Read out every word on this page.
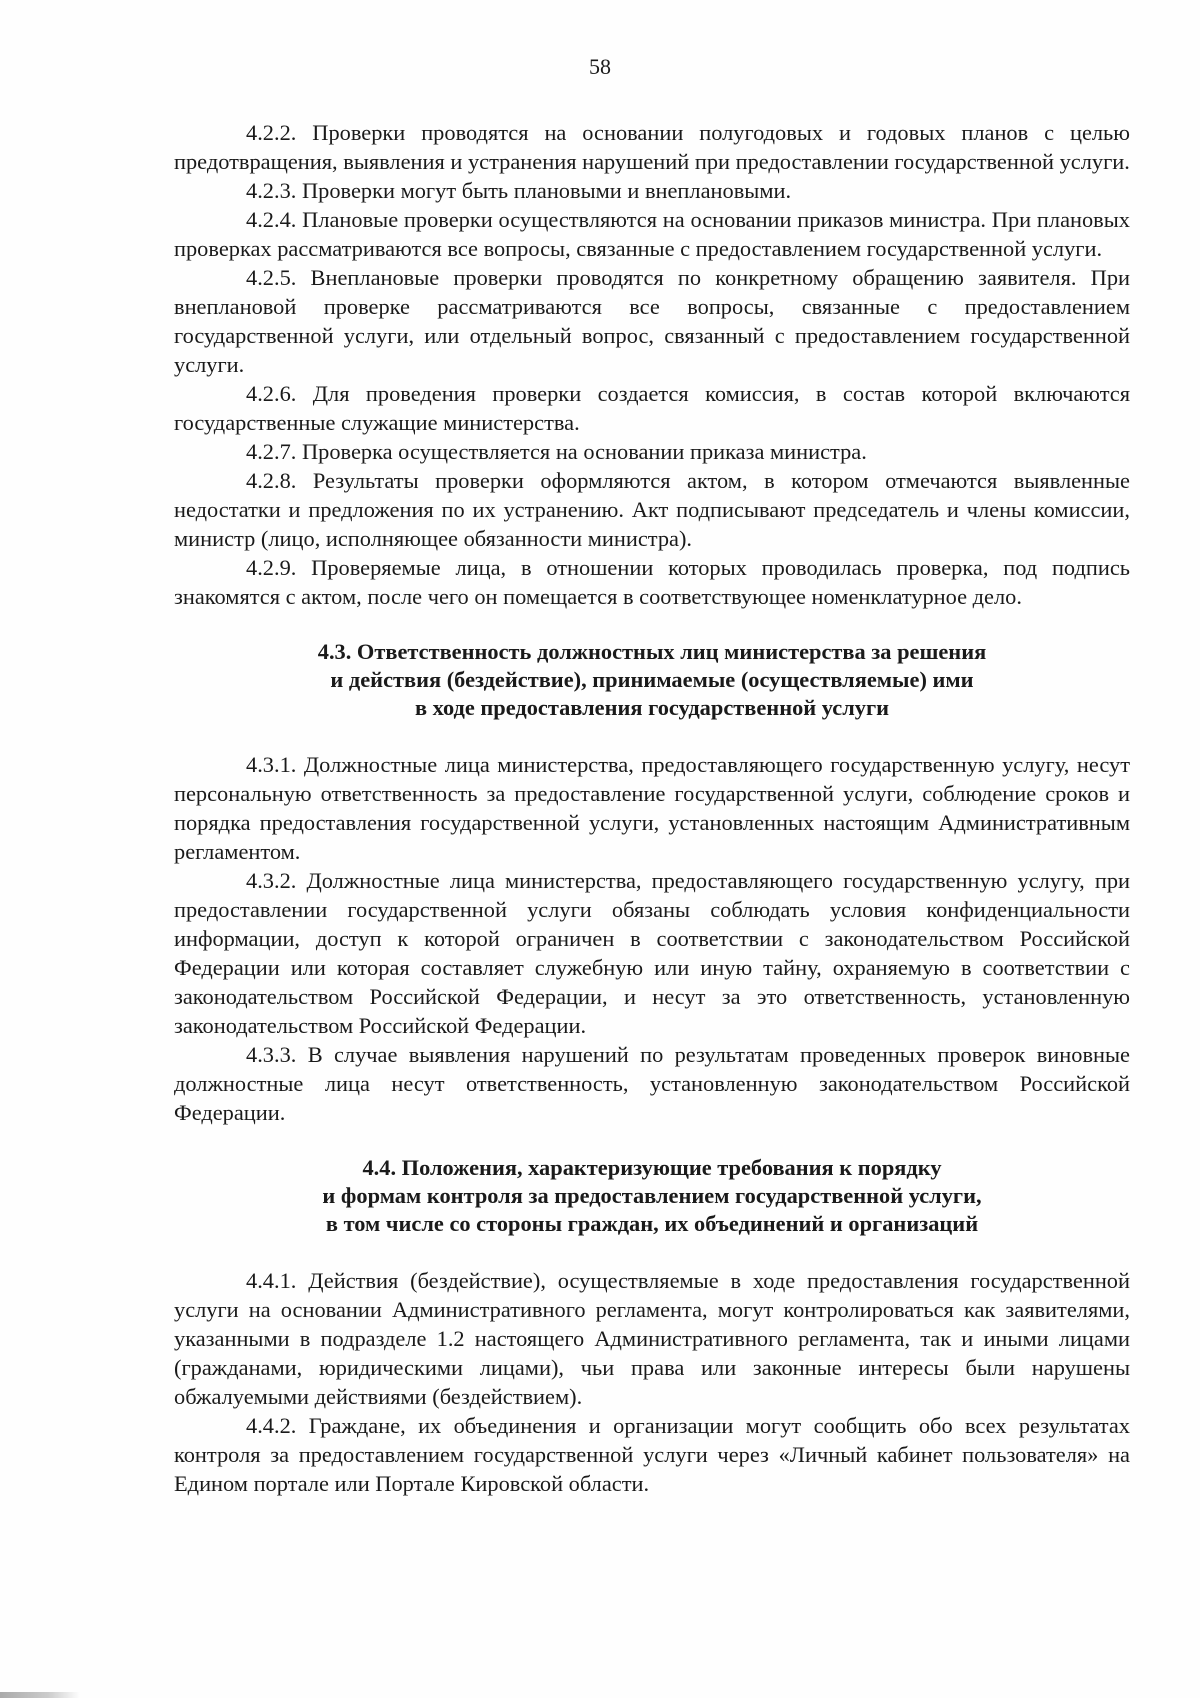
58

4.2.2. Проверки проводятся на основании полугодовых и годовых планов с целью предотвращения, выявления и устранения нарушений при предоставлении государственной услуги.

4.2.3. Проверки могут быть плановыми и внеплановыми.

4.2.4. Плановые проверки осуществляются на основании приказов министра. При плановых проверках рассматриваются все вопросы, связанные с предоставлением государственной услуги.

4.2.5. Внеплановые проверки проводятся по конкретному обращению заявителя. При внеплановой проверке рассматриваются все вопросы, связанные с предоставлением государственной услуги, или отдельный вопрос, связанный с предоставлением государственной услуги.

4.2.6. Для проведения проверки создается комиссия, в состав которой включаются государственные служащие министерства.

4.2.7. Проверка осуществляется на основании приказа министра.

4.2.8. Результаты проверки оформляются актом, в котором отмечаются выявленные недостатки и предложения по их устранению. Акт подписывают председатель и члены комиссии, министр (лицо, исполняющее обязанности министра).

4.2.9. Проверяемые лица, в отношении которых проводилась проверка, под подпись знакомятся с актом, после чего он помещается в соответствующее номенклатурное дело.

4.3. Ответственность должностных лиц министерства за решения

и действия (бездействие), принимаемые (осуществляемые) ими

в ходе предоставления государственной услуги

4.3.1. Должностные лица министерства, предоставляющего государственную услугу, несут персональную ответственность за предоставление государственной услуги, соблюдение сроков и порядка предоставления государственной услуги, установленных настоящим Административным регламентом.

4.3.2. Должностные лица министерства, предоставляющего государственную услугу, при предоставлении государственной услуги обязаны соблюдать условия конфиденциальности информации, доступ к которой ограничен в соответствии с законодательством Российской Федерации или которая составляет служебную или иную тайну, охраняемую в соответствии с законодательством Российской Федерации, и несут за это ответственность, установленную законодательством Российской Федерации.

4.3.3. В случае выявления нарушений по результатам проведенных проверок виновные должностные лица несут ответственность, установленную законодательством Российской Федерации.

4.4. Положения, характеризующие требования к порядку

и формам контроля за предоставлением государственной услуги,

в том числе со стороны граждан, их объединений и организаций

4.4.1. Действия (бездействие), осуществляемые в ходе предоставления государственной услуги на основании Административного регламента, могут контролироваться как заявителями, указанными в подразделе 1.2 настоящего Административного регламента, так и иными лицами (гражданами, юридическими лицами), чьи права или законные интересы были нарушены обжалуемыми действиями (бездействием).

4.4.2. Граждане, их объединения и организации могут сообщить обо всех результатах контроля за предоставлением государственной услуги через «Личный кабинет пользователя» на Едином портале или Портале Кировской области.
